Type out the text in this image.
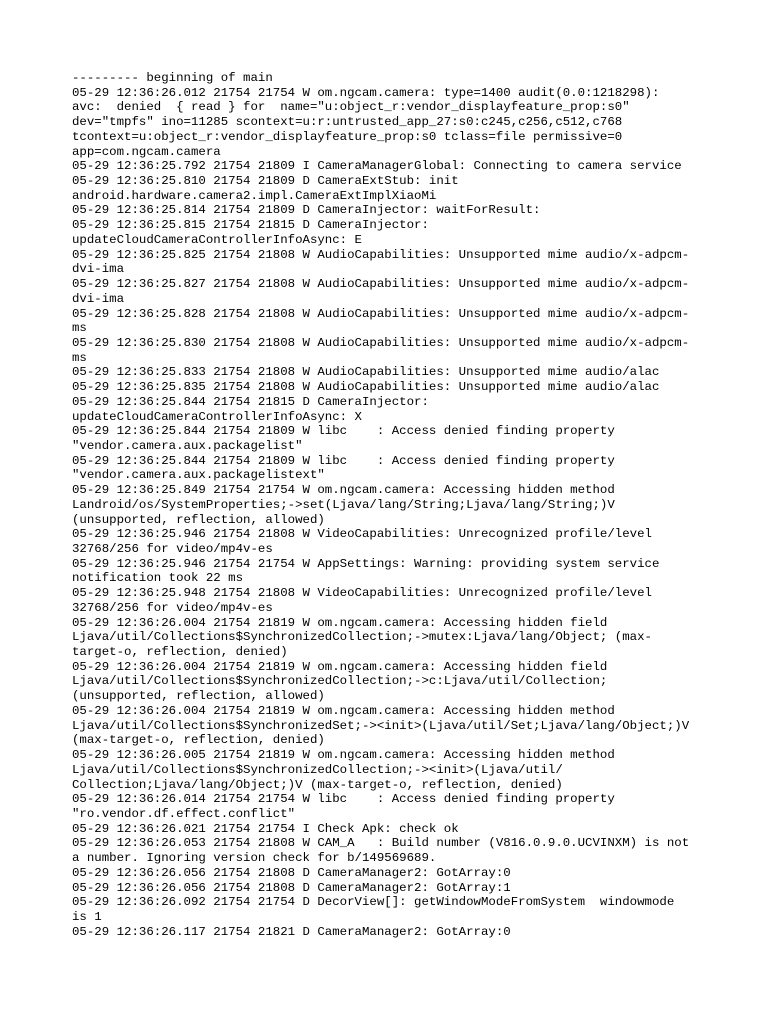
--------- beginning of main
05-29 12:36:26.012 21754 21754 W om.ngcam.camera: type=1400 audit(0.0:1218298):
avc:  denied  { read } for  name="u:object_r:vendor_displayfeature_prop:s0"
dev="tmpfs" ino=11285 scontext=u:r:untrusted_app_27:s0:c245,c256,c512,c768
tcontext=u:object_r:vendor_displayfeature_prop:s0 tclass=file permissive=0
app=com.ngcam.camera
05-29 12:36:25.792 21754 21809 I CameraManagerGlobal: Connecting to camera service
05-29 12:36:25.810 21754 21809 D CameraExtStub: init
android.hardware.camera2.impl.CameraExtImplXiaoMi
05-29 12:36:25.814 21754 21809 D CameraInjector: waitForResult:
05-29 12:36:25.815 21754 21815 D CameraInjector:
updateCloudCameraControllerInfoAsync: E
05-29 12:36:25.825 21754 21808 W AudioCapabilities: Unsupported mime audio/x-adpcm-
dvi-ima
05-29 12:36:25.827 21754 21808 W AudioCapabilities: Unsupported mime audio/x-adpcm-
dvi-ima
05-29 12:36:25.828 21754 21808 W AudioCapabilities: Unsupported mime audio/x-adpcm-
ms
05-29 12:36:25.830 21754 21808 W AudioCapabilities: Unsupported mime audio/x-adpcm-
ms
05-29 12:36:25.833 21754 21808 W AudioCapabilities: Unsupported mime audio/alac
05-29 12:36:25.835 21754 21808 W AudioCapabilities: Unsupported mime audio/alac
05-29 12:36:25.844 21754 21815 D CameraInjector:
updateCloudCameraControllerInfoAsync: X
05-29 12:36:25.844 21754 21809 W libc    : Access denied finding property
"vendor.camera.aux.packagelist"
05-29 12:36:25.844 21754 21809 W libc    : Access denied finding property
"vendor.camera.aux.packagelistext"
05-29 12:36:25.849 21754 21754 W om.ngcam.camera: Accessing hidden method
Landroid/os/SystemProperties;->set(Ljava/lang/String;Ljava/lang/String;)V
(unsupported, reflection, allowed)
05-29 12:36:25.946 21754 21808 W VideoCapabilities: Unrecognized profile/level
32768/256 for video/mp4v-es
05-29 12:36:25.946 21754 21754 W AppSettings: Warning: providing system service
notification took 22 ms
05-29 12:36:25.948 21754 21808 W VideoCapabilities: Unrecognized profile/level
32768/256 for video/mp4v-es
05-29 12:36:26.004 21754 21819 W om.ngcam.camera: Accessing hidden field
Ljava/util/Collections$SynchronizedCollection;->mutex:Ljava/lang/Object; (max-
target-o, reflection, denied)
05-29 12:36:26.004 21754 21819 W om.ngcam.camera: Accessing hidden field
Ljava/util/Collections$SynchronizedCollection;->c:Ljava/util/Collection;
(unsupported, reflection, allowed)
05-29 12:36:26.004 21754 21819 W om.ngcam.camera: Accessing hidden method
Ljava/util/Collections$SynchronizedSet;-><init>(Ljava/util/Set;Ljava/lang/Object;)V
(max-target-o, reflection, denied)
05-29 12:36:26.005 21754 21819 W om.ngcam.camera: Accessing hidden method
Ljava/util/Collections$SynchronizedCollection;-><init>(Ljava/util/
Collection;Ljava/lang/Object;)V (max-target-o, reflection, denied)
05-29 12:36:26.014 21754 21754 W libc    : Access denied finding property
"ro.vendor.df.effect.conflict"
05-29 12:36:26.021 21754 21754 I Check Apk: check ok
05-29 12:36:26.053 21754 21808 W CAM_A   : Build number (V816.0.9.0.UCVINXM) is not
a number. Ignoring version check for b/149569689.
05-29 12:36:26.056 21754 21808 D CameraManager2: GotArray:0
05-29 12:36:26.056 21754 21808 D CameraManager2: GotArray:1
05-29 12:36:26.092 21754 21754 D DecorView[]: getWindowModeFromSystem  windowmode
is 1
05-29 12:36:26.117 21754 21821 D CameraManager2: GotArray:0
